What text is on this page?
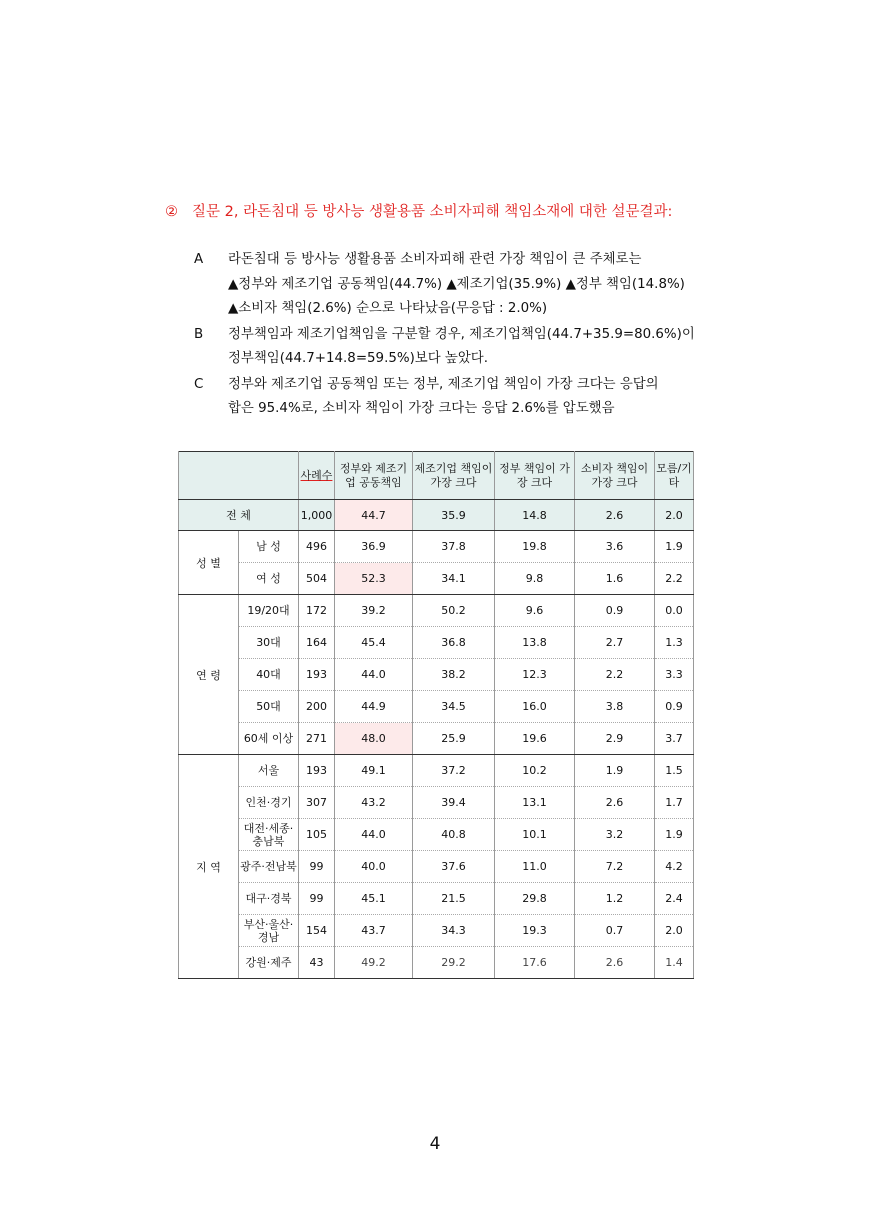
② 질문 2, 라돈침대 등 방사능 생활용품 소비자피해 책임소재에 대한 설문결과:
A	라돈침대 등 방사능 생활용품 소비자피해 관련 가장 책임이 큰 주체로는
▲정부와 제조기업 공동책임(44.7%) ▲제조기업(35.9%) ▲정부 책임(14.8%)
▲소비자 책임(2.6%) 순으로 나타났음(무응답 : 2.0%)
B	정부책임과 제조기업책임을 구분할 경우, 제조기업책임(44.7+35.9=80.6%)이
정부책임(44.7+14.8=59.5%)보다 높았다.
C	정부와 제조기업 공동책임 또는 정부, 제조기업 책임이 가장 크다는 응답의
합은 95.4%로, 소비자 책임이 가장 크다는 응답 2.6%를 압도했음
		사례수	정부와 제조기업 공동책임	제조기업 책임이 가장 크다	정부 책임이 가장 크다	소비자 책임이 가장 크다	모름/기타
전 체		1,000	44.7	35.9	14.8	2.6	2.0
성 별	남 성	496	36.9	37.8	19.8	3.6	1.9
	여 성	504	52.3	34.1	9.8	1.6	2.2
연 령	19/20대	172	39.2	50.2	9.6	0.9	0.0
	30대	164	45.4	36.8	13.8	2.7	1.3
	40대	193	44.0	38.2	12.3	2.2	3.3
	50대	200	44.9	34.5	16.0	3.8	0.9
	60세 이상	271	48.0	25.9	19.6	2.9	3.7
지 역	서울	193	49.1	37.2	10.2	1.9	1.5
	인천·경기	307	43.2	39.4	13.1	2.6	1.7
	대전·세종·충남북	105	44.0	40.8	10.1	3.2	1.9
	광주·전남북	99	40.0	37.6	11.0	7.2	4.2
	대구·경북	99	45.1	21.5	29.8	1.2	2.4
	부산·울산·경남	154	43.7	34.3	19.3	0.7	2.0
	강원·제주	43	49.2	29.2	17.6	2.6	1.4
4
